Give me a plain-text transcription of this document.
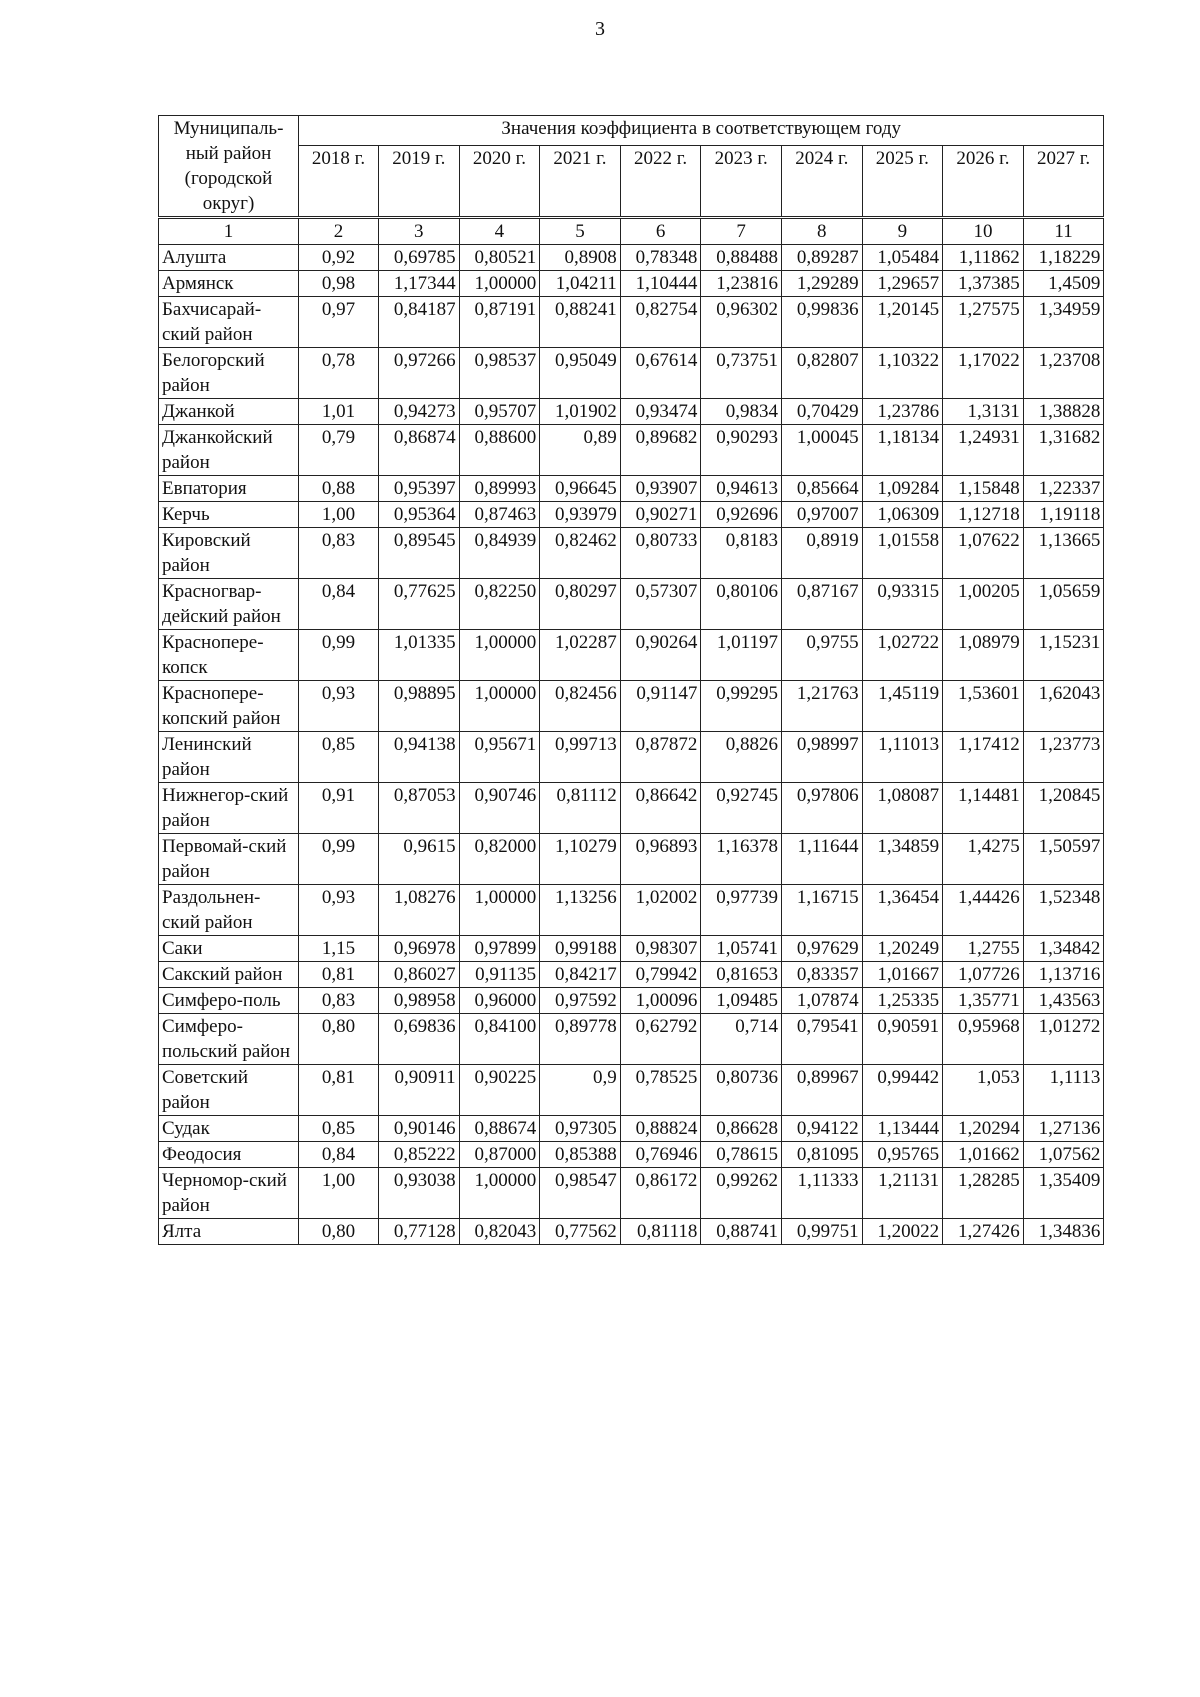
3
Муниципаль-ный район (городской округ)	Значения коэффициента в соответствующем году									
	2018 г.	2019 г.	2020 г.	2021 г.	2022 г.	2023 г.	2024 г.	2025 г.	2026 г.	2027 г.
1	2	3	4	5	6	7	8	9	10	11
Алушта	0,92	0,69785	0,80521	0,8908	0,78348	0,88488	0,89287	1,05484	1,11862	1,18229
Армянск	0,98	1,17344	1,00000	1,04211	1,10444	1,23816	1,29289	1,29657	1,37385	1,4509
Бахчисарай-ский район	0,97	0,84187	0,87191	0,88241	0,82754	0,96302	0,99836	1,20145	1,27575	1,34959
Белогорский район	0,78	0,97266	0,98537	0,95049	0,67614	0,73751	0,82807	1,10322	1,17022	1,23708
Джанкой	1,01	0,94273	0,95707	1,01902	0,93474	0,9834	0,70429	1,23786	1,3131	1,38828
Джанкойский район	0,79	0,86874	0,88600	0,89	0,89682	0,90293	1,00045	1,18134	1,24931	1,31682
Евпатория	0,88	0,95397	0,89993	0,96645	0,93907	0,94613	0,85664	1,09284	1,15848	1,22337
Керчь	1,00	0,95364	0,87463	0,93979	0,90271	0,92696	0,97007	1,06309	1,12718	1,19118
Кировский район	0,83	0,89545	0,84939	0,82462	0,80733	0,8183	0,8919	1,01558	1,07622	1,13665
Красногвар-дейский район	0,84	0,77625	0,82250	0,80297	0,57307	0,80106	0,87167	0,93315	1,00205	1,05659
Красноперe-копск	0,99	1,01335	1,00000	1,02287	0,90264	1,01197	0,9755	1,02722	1,08979	1,15231
Красноперe-копский район	0,93	0,98895	1,00000	0,82456	0,91147	0,99295	1,21763	1,45119	1,53601	1,62043
Ленинский район	0,85	0,94138	0,95671	0,99713	0,87872	0,8826	0,98997	1,11013	1,17412	1,23773
Нижнегор-ский район	0,91	0,87053	0,90746	0,81112	0,86642	0,92745	0,97806	1,08087	1,14481	1,20845
Первомай-ский район	0,99	0,9615	0,82000	1,10279	0,96893	1,16378	1,11644	1,34859	1,4275	1,50597
Раздольнен-ский район	0,93	1,08276	1,00000	1,13256	1,02002	0,97739	1,16715	1,36454	1,44426	1,52348
Саки	1,15	0,96978	0,97899	0,99188	0,98307	1,05741	0,97629	1,20249	1,2755	1,34842
Сакский район	0,81	0,86027	0,91135	0,84217	0,79942	0,81653	0,83357	1,01667	1,07726	1,13716
Симферо-поль	0,83	0,98958	0,96000	0,97592	1,00096	1,09485	1,07874	1,25335	1,35771	1,43563
Симферо-польский район	0,80	0,69836	0,84100	0,89778	0,62792	0,714	0,79541	0,90591	0,95968	1,01272
Советский район	0,81	0,90911	0,90225	0,9	0,78525	0,80736	0,89967	0,99442	1,053	1,1113
Судак	0,85	0,90146	0,88674	0,97305	0,88824	0,86628	0,94122	1,13444	1,20294	1,27136
Феодосия	0,84	0,85222	0,87000	0,85388	0,76946	0,78615	0,81095	0,95765	1,01662	1,07562
Черномор-ский район	1,00	0,93038	1,00000	0,98547	0,86172	0,99262	1,11333	1,21131	1,28285	1,35409
Ялта	0,80	0,77128	0,82043	0,77562	0,81118	0,88741	0,99751	1,20022	1,27426	1,34836
